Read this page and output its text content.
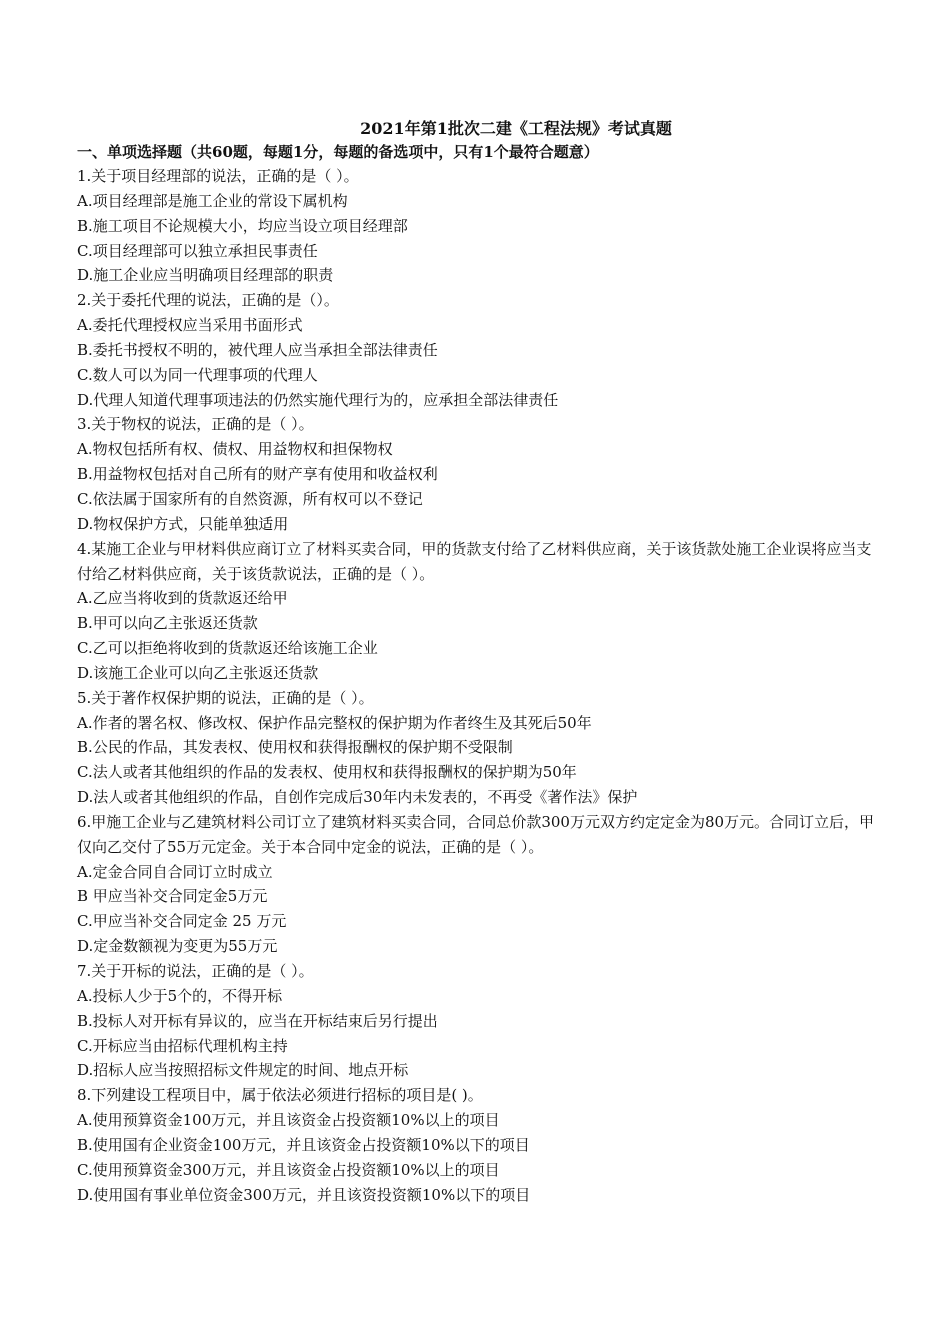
2021年第1批次二建《工程法规》考试真题

一、单项选择题（共60题，每题1分，每题的备选项中，只有1个最符合题意）

1.关于项目经理部的说法，正确的是（ ）。

A.项目经理部是施工企业的常设下属机构

B.施工项目不论规模大小，均应当设立项目经理部

C.项目经理部可以独立承担民事责任

D.施工企业应当明确项目经理部的职责

2.关于委托代理的说法，正确的是（）。

A.委托代理授权应当采用书面形式

B.委托书授权不明的，被代理人应当承担全部法律责任

C.数人可以为同一代理事项的代理人

D.代理人知道代理事项违法的仍然实施代理行为的，应承担全部法律责任

3.关于物权的说法，正确的是（ ）。

A.物权包括所有权、债权、用益物权和担保物权

B.用益物权包括对自己所有的财产享有使用和收益权利

C.依法属于国家所有的自然资源，所有权可以不登记

D.物权保护方式，只能单独适用

4.某施工企业与甲材料供应商订立了材料买卖合同，甲的货款支付给了乙材料供应商，关于该货款处施工企业误将应当支付给乙材料供应商，关于该货款说法，正确的是（ ）。

A.乙应当将收到的货款返还给甲

B.甲可以向乙主张返还货款

C.乙可以拒绝将收到的货款返还给该施工企业

D.该施工企业可以向乙主张返还货款

5.关于著作权保护期的说法，正确的是（ ）。

A.作者的署名权、修改权、保护作品完整权的保护期为作者终生及其死后50年

B.公民的作品，其发表权、使用权和获得报酬权的保护期不受限制

C.法人或者其他组织的作品的发表权、使用权和获得报酬权的保护期为50年

D.法人或者其他组织的作品，自创作完成后30年内未发表的，不再受《著作法》保护

6.甲施工企业与乙建筑材料公司订立了建筑材料买卖合同，合同总价款300万元双方约定定金为80万元。合同订立后，甲仅向乙交付了55万元定金。关于本合同中定金的说法，正确的是（ ）。

A.定金合同自合同订立时成立

B 甲应当补交合同定金5万元

C.甲应当补交合同定金 25 万元

D.定金数额视为变更为55万元

7.关于开标的说法，正确的是（ ）。

A.投标人少于5个的，不得开标

B.投标人对开标有异议的，应当在开标结束后另行提出

C.开标应当由招标代理机构主持

D.招标人应当按照招标文件规定的时间、地点开标

8.下列建设工程项目中，属于依法必须进行招标的项目是( )。

A.使用预算资金100万元，并且该资金占投资额10%以上的项目

B.使用国有企业资金100万元，并且该资金占投资额10%以下的项目

C.使用预算资金300万元，并且该资金占投资额10%以上的项目

D.使用国有事业单位资金300万元，并且该资投资额10%以下的项目
